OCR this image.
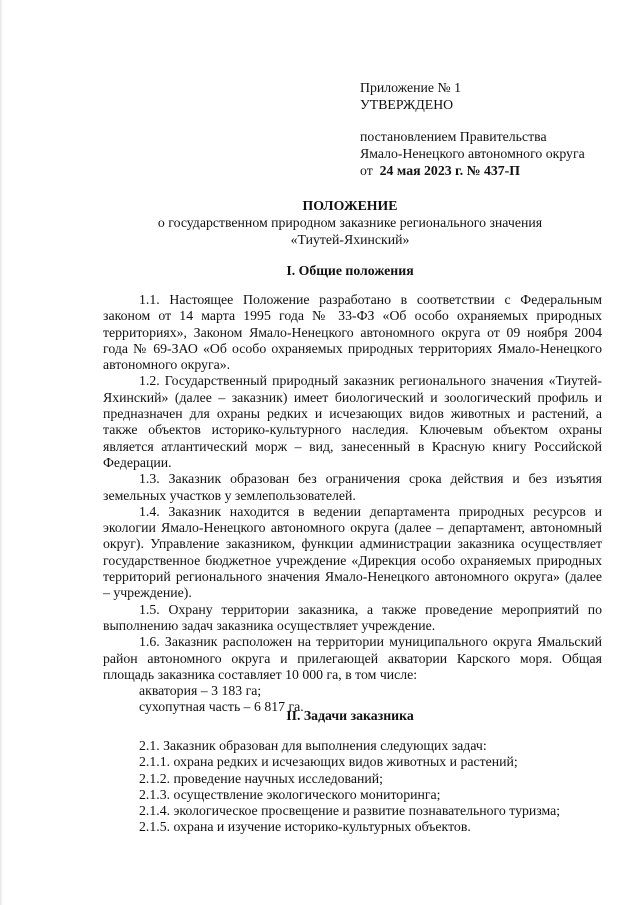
Приложение № 1
УТВЕРЖДЕНО
постановлением Правительства
Ямало-Ненецкого автономного округа
от 24 мая 2023 г. № 437-П
ПОЛОЖЕНИЕ
о государственном природном заказнике регионального значения
«Тиутей-Яхинский»
I. Общие положения

1.1. Настоящее Положение разработано в соответствии с Федеральным законом от 14 марта 1995 года № 33-ФЗ «Об особо охраняемых природных территориях», Законом Ямало-Ненецкого автономного округа от 09 ноября 2004 года № 69-ЗАО «Об особо охраняемых природных территориях Ямало-Ненецкого автономного округа».

1.2. Государственный природный заказник регионального значения «Тиутей-Яхинский» (далее – заказник) имеет биологический и зоологический профиль и предназначен для охраны редких и исчезающих видов животных и растений, а также объектов историко-культурного наследия. Ключевым объектом охраны является атлантический морж – вид, занесенный в Красную книгу Российской Федерации.

1.3. Заказник образован без ограничения срока действия и без изъятия земельных участков у землепользователей.

1.4. Заказник находится в ведении департамента природных ресурсов и экологии Ямало-Ненецкого автономного округа (далее – департамент, автономный округ). Управление заказником, функции администрации заказника осуществляет государственное бюджетное учреждение «Дирекция особо охраняемых природных территорий регионального значения Ямало-Ненецкого автономного округа» (далее – учреждение).

1.5. Охрану территории заказника, а также проведение мероприятий по выполнению задач заказника осуществляет учреждение.

1.6. Заказник расположен на территории муниципального округа Ямальский район автономного округа и прилегающей акватории Карского моря. Общая площадь заказника составляет 10 000 га, в том числе:

акватория – 3 183 га;

сухопутная часть – 6 817 га.

II. Задачи заказника
2.1. Заказник образован для выполнения следующих задач:
2.1.1. охрана редких и исчезающих видов животных и растений;
2.1.2. проведение научных исследований;
2.1.3. осуществление экологического мониторинга;
2.1.4. экологическое просвещение и развитие познавательного туризма;
2.1.5. охрана и изучение историко-культурных объектов.
